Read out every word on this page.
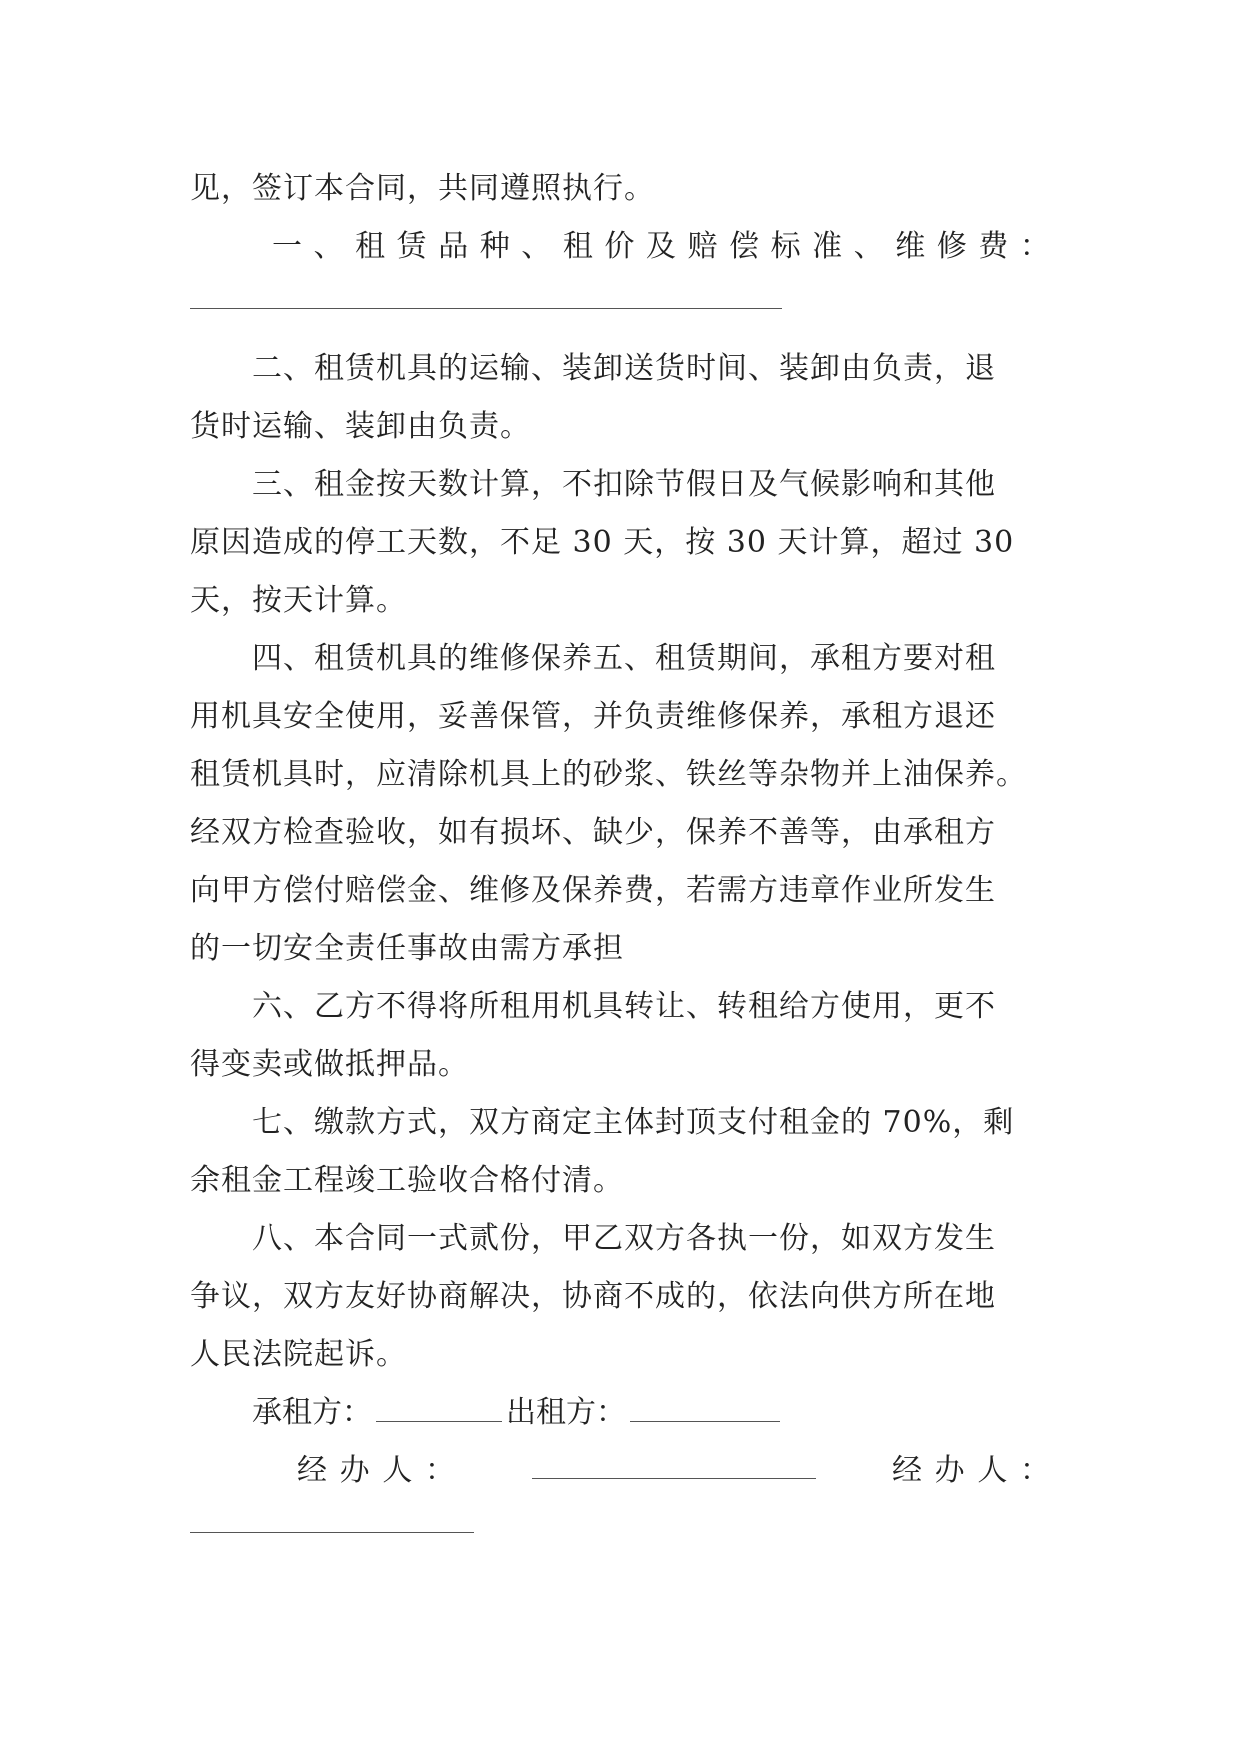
见，签订本合同，共同遵照执行。
一 、 租 赁 品 种 、 租 价 及 赔 偿 标 准 、 维 修 费 ：
二、租赁机具的运输、装卸送货时间、装卸由负责，退
货时运输、装卸由负责。
三、租金按天数计算，不扣除节假日及气候影响和其他
原因造成的停工天数，不足 30 天，按 30 天计算，超过 30
天，按天计算。
四、租赁机具的维修保养五、租赁期间，承租方要对租
用机具安全使用，妥善保管，并负责维修保养，承租方退还
租赁机具时，应清除机具上的砂浆、铁丝等杂物并上油保养。
经双方检查验收，如有损坏、缺少，保养不善等，由承租方
向甲方偿付赔偿金、维修及保养费，若需方违章作业所发生
的一切安全责任事故由需方承担
六、乙方不得将所租用机具转让、转租给方使用，更不
得变卖或做抵押品。
七、缴款方式，双方商定主体封顶支付租金的 70%，剩
余租金工程竣工验收合格付清。
八、本合同一式贰份，甲乙双方各执一份，如双方发生
争议，双方友好协商解决，协商不成的，依法向供方所在地
人民法院起诉。
承租方：	出租方：
经 办 人 ：	经 办 人 ：
